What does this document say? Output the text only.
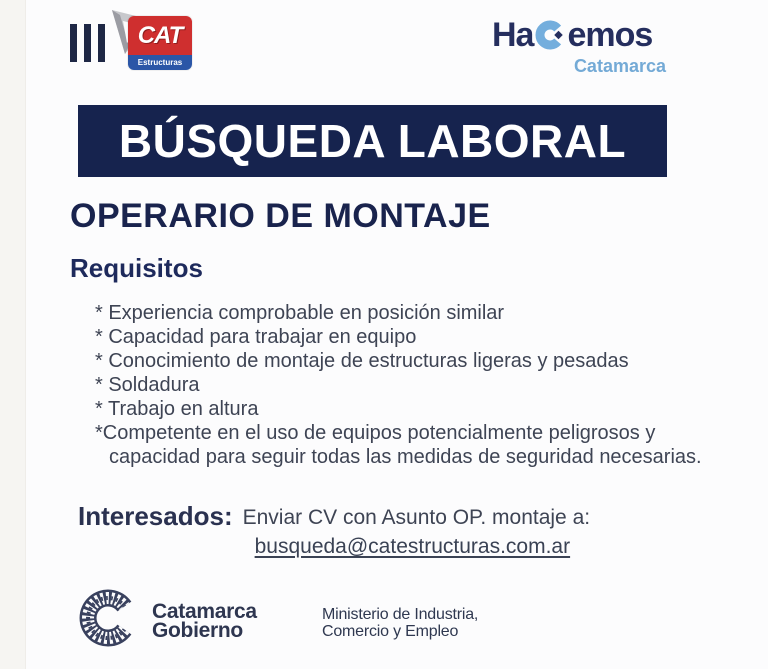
CAT
Estructuras
Ha emos
Catamarca
BÚSQUEDA LABORAL
OPERARIO DE MONTAJE
Requisitos
* Experiencia comprobable en posición similar
* Capacidad para trabajar en equipo
* Conocimiento de montaje de estructuras ligeras y pesadas
* Soldadura
* Trabajo en altura
*Competente en el uso de equipos potencialmente peligrosos y
capacidad para seguir todas las medidas de seguridad necesarias.
Interesados: Enviar CV con Asunto OP. montaje a:
busqueda@catestructuras.com.ar
Catamarca
Gobierno
Ministerio de Industria,
Comercio y Empleo
